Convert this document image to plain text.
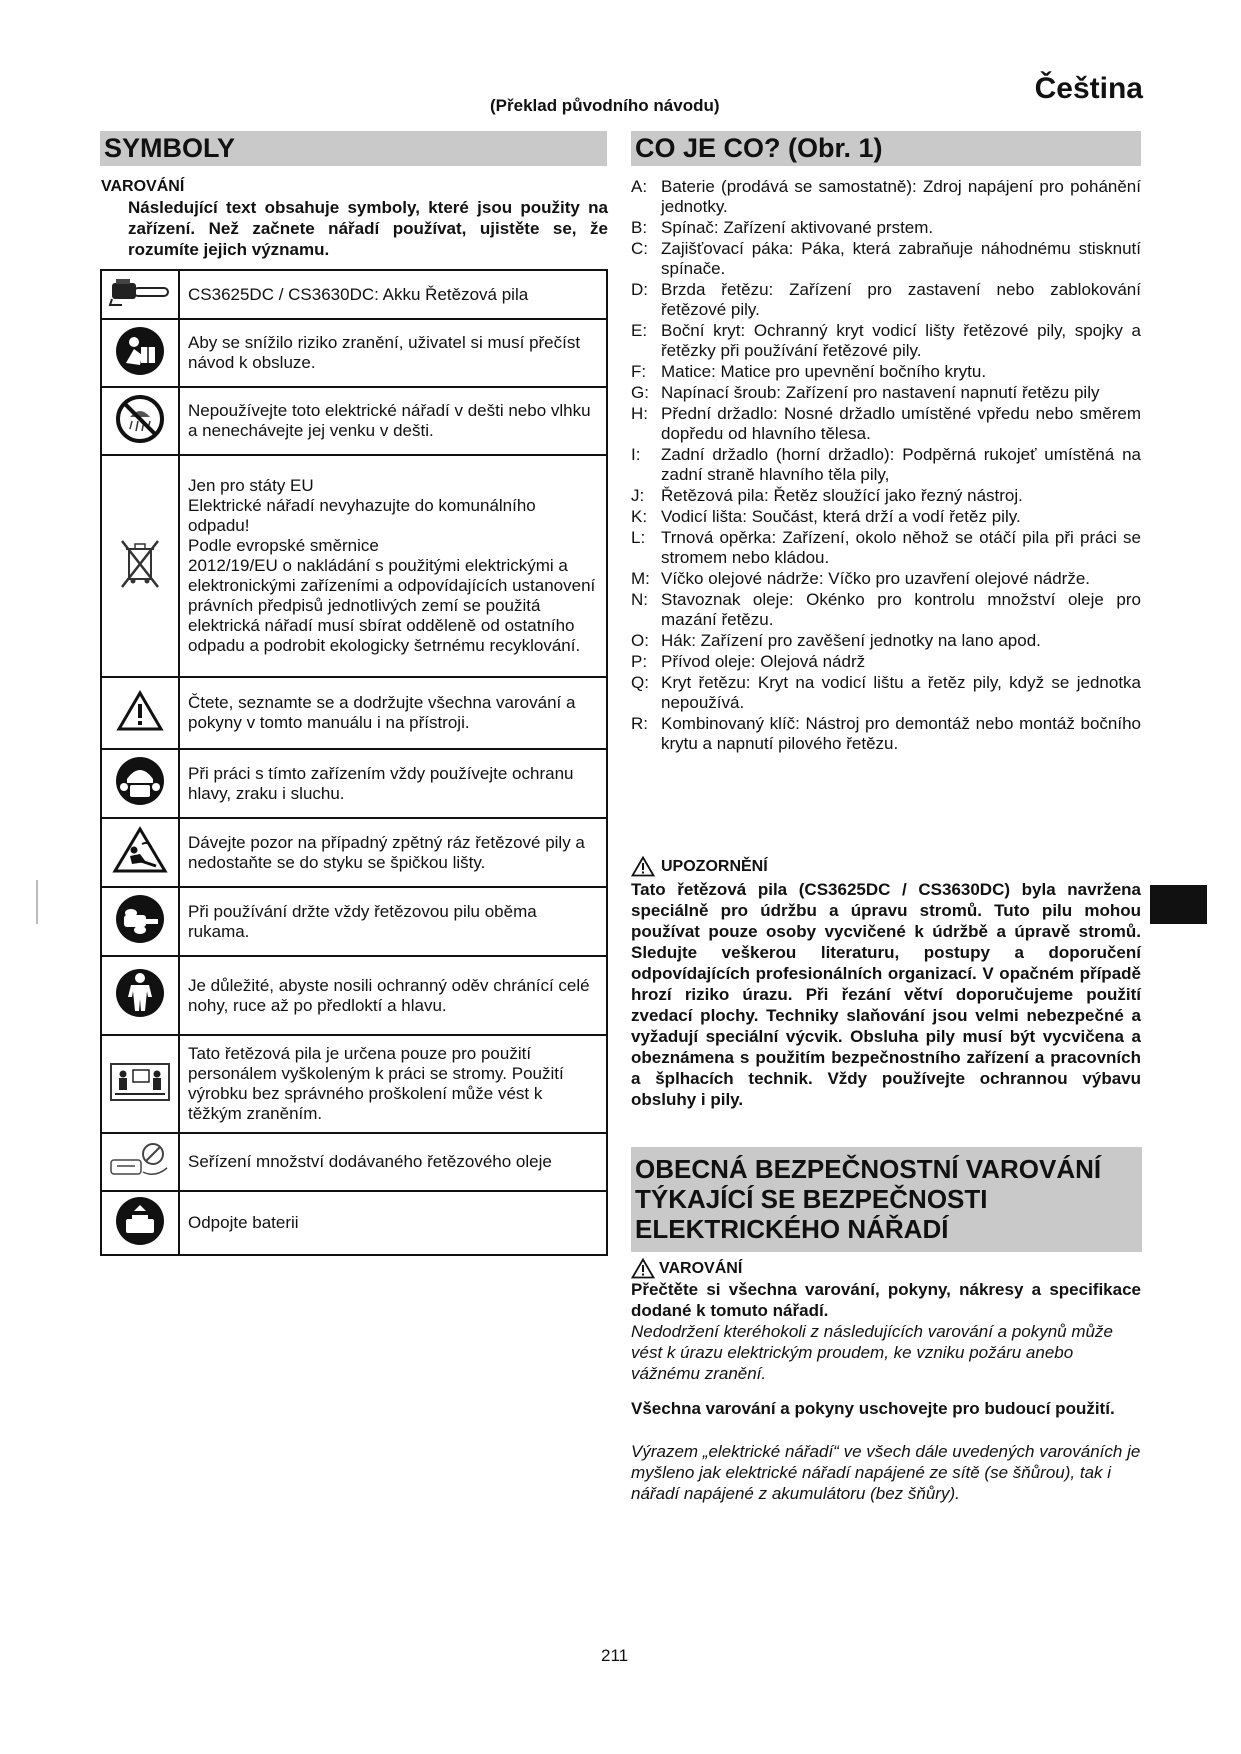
(Překlad původního návodu)
Čeština
SYMBOLY
VAROVÁNÍ
Následující text obsahuje symboly, které jsou použity na zařízení. Než začnete nářadí používat, ujistěte se, že rozumíte jejich významu.
	CS3625DC / CS3630DC: Akku Řetězová pila
	Aby se snížilo riziko zranění, uživatel si musí přečíst návod k obsluze.
	Nepoužívejte toto elektrické nářadí v dešti nebo vlhku a nenechávejte jej venku v dešti.
	Jen pro státy EU
Elektrické nářadí nevyhazujte do komunálního odpadu!
Podle evropské směrnice
2012/19/EU o nakládání s použitými elektrickými a elektronickými zařízeními a odpovídajících ustanovení právních předpisů jednotlivých zemí se použitá elektrická nářadí musí sbírat odděleně od ostatního odpadu a podrobit ekologicky šetrnému recyklování.
	Čtete, seznamte se a dodržujte všechna varování a pokyny v tomto manuálu i na přístroji.
	Při práci s tímto zařízením vždy používejte ochranu hlavy, zraku i sluchu.
	Dávejte pozor na případný zpětný ráz řetězové pily a nedostaňte se do styku se špičkou lišty.
	Při používání držte vždy řetězovou pilu oběma rukama.
	Je důležité, abyste nosili ochranný oděv chránící celé nohy, ruce až po předloktí a hlavu.
	Tato řetězová pila je určena pouze pro použití personálem vyškoleným k práci se stromy. Použití výrobku bez správného proškolení může vést k těžkým zraněním.
	Seřízení množství dodávaného řetězového oleje
	Odpojte baterii
CO JE CO? (Obr. 1)
A: Baterie (prodává se samostatně): Zdroj napájení pro pohánění jednotky.
B: Spínač: Zařízení aktivované prstem.
C: Zajišťovací páka: Páka, která zabraňuje náhodnému stisknutí spínače.
D: Brzda řetězu: Zařízení pro zastavení nebo zablokování řetězové pily.
E: Boční kryt: Ochranný kryt vodicí lišty řetězové pily, spojky a řetězky při používání řetězové pily.
F: Matice: Matice pro upevnění bočního krytu.
G: Napínací šroub: Zařízení pro nastavení napnutí řetězu pily
H: Přední držadlo: Nosné držadlo umístěné vpředu nebo směrem dopředu od hlavního tělesa.
I:	Zadní držadlo (horní držadlo): Podpěrná rukojeť umístěná na zadní straně hlavního těla pily,
J: Řetězová pila: Řetěz sloužící jako řezný nástroj.
K: Vodicí lišta: Součást, která drží a vodí řetěz pily.
L: Trnová opěrka: Zařízení, okolo něhož se otáčí pila při práci se stromem nebo kládou.
M: Víčko olejové nádrže: Víčko pro uzavření olejové nádrže.
N: Stavoznak oleje: Okénko pro kontrolu množství oleje pro mazání řetězu.
O: Hák: Zařízení pro zavěšení jednotky na lano apod.
P: Přívod oleje: Olejová nádrž
Q: Kryt řetězu: Kryt na vodicí lištu a řetěz pily, když se jednotka nepoužívá.
R: Kombinovaný klíč: Nástroj pro demontáž nebo montáž bočního krytu a napnutí pilového řetězu.
UPOZORNĚNÍ
Tato řetězová pila (CS3625DC / CS3630DC) byla navržena speciálně pro údržbu a úpravu stromů. Tuto pilu mohou používat pouze osoby vycvičené k údržbě a úpravě stromů. Sledujte veškerou literaturu, postupy a doporučení odpovídajících profesionálních organizací. V opačném případě hrozí riziko úrazu. Při řezání větví doporučujeme použití zvedací plochy. Techniky slaňování jsou velmi nebezpečné a vyžadují speciální výcvik. Obsluha pily musí být vycvičena a obeznámena s použitím bezpečnostního zařízení a pracovních a šplhacích technik. Vždy používejte ochrannou výbavu obsluhy i pily.
OBECNÁ BEZPEČNOSTNÍ VAROVÁNÍ TÝKAJÍCÍ SE BEZPEČNOSTI ELEKTRICKÉHO NÁŘADÍ
VAROVÁNÍ
Přečtěte si všechna varování, pokyny, nákresy a specifikace dodané k tomuto nářadí.
Nedodržení kteréhokoli z následujících varování a pokynů může vést k úrazu elektrickým proudem, ke vzniku požáru anebo vážnému zranění.
Všechna varování a pokyny uschovejte pro budoucí použití.
Výrazem „elektrické nářadí“ ve všech dále uvedených varováních je myšleno jak elektrické nářadí napájené ze sítě (se šňůrou), tak i nářadí napájené z akumulátoru (bez šňůry).
211
